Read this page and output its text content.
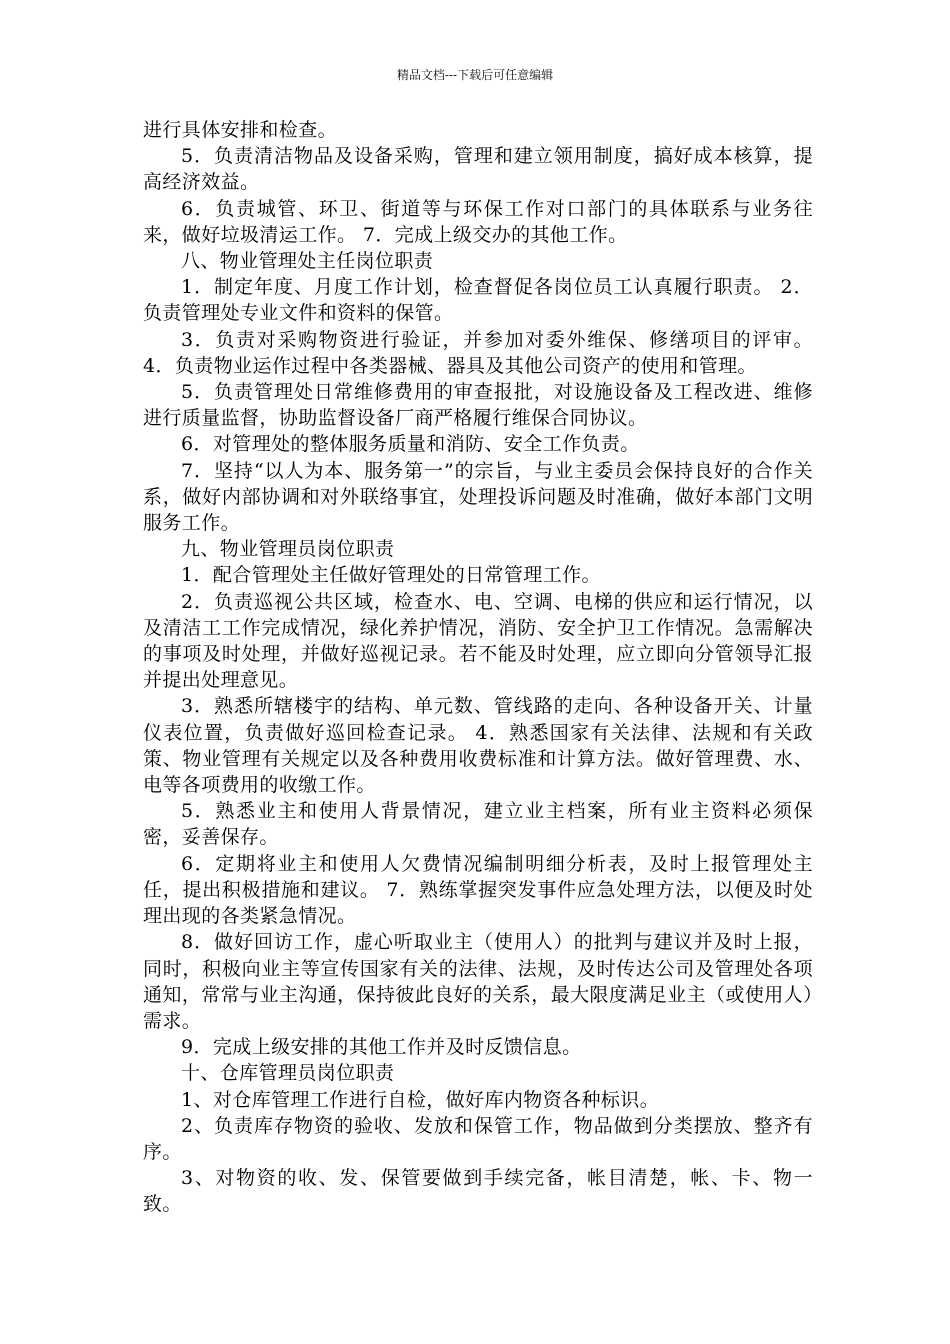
精品文档---下载后可任意编辑

进行具体安排和检查。

5．负责清洁物品及设备采购，管理和建立领用制度，搞好成本核算，提高经济效益。

6．负责城管、环卫、街道等与环保工作对口部门的具体联系与业务往来，做好垃圾清运工作。 7．完成上级交办的其他工作。

八、物业管理处主任岗位职责

1．制定年度、月度工作计划，检查督促各岗位员工认真履行职责。 2．负责管理处专业文件和资料的保管。

3．负责对采购物资进行验证，并参加对委外维保、修缮项目的评审。 4．负责物业运作过程中各类器械、器具及其他公司资产的使用和管理。

5．负责管理处日常维修费用的审查报批，对设施设备及工程改进、维修进行质量监督，协助监督设备厂商严格履行维保合同协议。

6．对管理处的整体服务质量和消防、安全工作负责。

7．坚持“以人为本、服务第一”的宗旨，与业主委员会保持良好的合作关系，做好内部协调和对外联络事宜，处理投诉问题及时准确，做好本部门文明服务工作。

九、物业管理员岗位职责

1．配合管理处主任做好管理处的日常管理工作。

2．负责巡视公共区域，检查水、电、空调、电梯的供应和运行情况，以及清洁工工作完成情况，绿化养护情况，消防、安全护卫工作情况。急需解决的事项及时处理，并做好巡视记录。若不能及时处理，应立即向分管领导汇报并提出处理意见。

3．熟悉所辖楼宇的结构、单元数、管线路的走向、各种设备开关、计量仪表位置，负责做好巡回检查记录。 4．熟悉国家有关法律、法规和有关政策、物业管理有关规定以及各种费用收费标准和计算方法。做好管理费、水、电等各项费用的收缴工作。

5．熟悉业主和使用人背景情况，建立业主档案，所有业主资料必须保密，妥善保存。

6．定期将业主和使用人欠费情况编制明细分析表，及时上报管理处主任，提出积极措施和建议。 7．熟练掌握突发事件应急处理方法，以便及时处理出现的各类紧急情况。

8．做好回访工作，虚心听取业主（使用人）的批判与建议并及时上报，同时，积极向业主等宣传国家有关的法律、法规，及时传达公司及管理处各项通知，常常与业主沟通，保持彼此良好的关系，最大限度满足业主（或使用人）需求。

9．完成上级安排的其他工作并及时反馈信息。

十、仓库管理员岗位职责

1、对仓库管理工作进行自检，做好库内物资各种标识。

2、负责库存物资的验收、发放和保管工作，物品做到分类摆放、整齐有序。

3、对物资的收、发、保管要做到手续完备，帐目清楚，帐、卡、物一致。
